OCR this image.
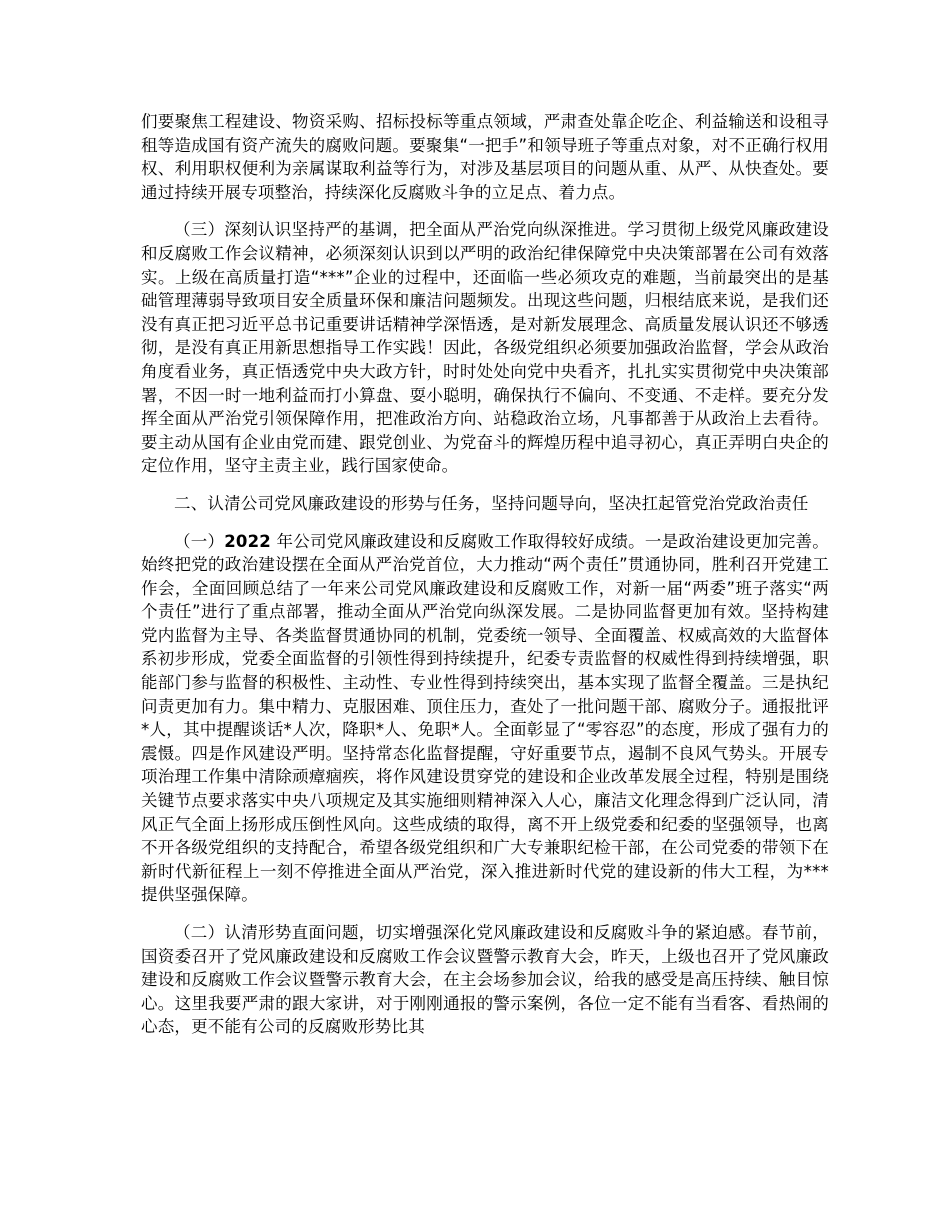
们要聚焦工程建设、物资采购、招标投标等重点领域，严肃查处靠企吃企、利益输送和设租寻租等造成国有资产流失的腐败问题。要聚集“一把手”和领导班子等重点对象，对不正确行权用权、利用职权便利为亲属谋取利益等行为，对涉及基层项目的问题从重、从严、从快查处。要通过持续开展专项整治，持续深化反腐败斗争的立足点、着力点。

（三）深刻认识坚持严的基调，把全面从严治党向纵深推进。学习贯彻上级党风廉政建设和反腐败工作会议精神，必须深刻认识到以严明的政治纪律保障党中央决策部署在公司有效落实。上级在高质量打造“***”企业的过程中，还面临一些必须攻克的难题，当前最突出的是基础管理薄弱导致项目安全质量环保和廉洁问题频发。出现这些问题，归根结底来说，是我们还没有真正把习近平总书记重要讲话精神学深悟透，是对新发展理念、高质量发展认识还不够透彻，是没有真正用新思想指导工作实践！因此，各级党组织必须要加强政治监督，学会从政治角度看业务，真正悟透党中央大政方针，时时处处向党中央看齐，扎扎实实贯彻党中央决策部署，不因一时一地利益而打小算盘、耍小聪明，确保执行不偏向、不变通、不走样。要充分发挥全面从严治党引领保障作用，把准政治方向、站稳政治立场，凡事都善于从政治上去看待。要主动从国有企业由党而建、跟党创业、为党奋斗的辉煌历程中追寻初心，真正弄明白央企的定位作用，坚守主责主业，践行国家使命。

二、认清公司党风廉政建设的形势与任务，坚持问题导向，坚决扛起管党治党政治责任

（一）2022 年公司党风廉政建设和反腐败工作取得较好成绩。一是政治建设更加完善。始终把党的政治建设摆在全面从严治党首位，大力推动“两个责任”贯通协同，胜利召开党建工作会，全面回顾总结了一年来公司党风廉政建设和反腐败工作，对新一届“两委”班子落实“两个责任”进行了重点部署，推动全面从严治党向纵深发展。二是协同监督更加有效。坚持构建党内监督为主导、各类监督贯通协同的机制，党委统一领导、全面覆盖、权威高效的大监督体系初步形成，党委全面监督的引领性得到持续提升，纪委专责监督的权威性得到持续增强，职能部门参与监督的积极性、主动性、专业性得到持续突出，基本实现了监督全覆盖。三是执纪问责更加有力。集中精力、克服困难、顶住压力，查处了一批问题干部、腐败分子。通报批评*人，其中提醒谈话*人次，降职*人、免职*人。全面彰显了“零容忍”的态度，形成了强有力的震慑。四是作风建设严明。坚持常态化监督提醒，守好重要节点，遏制不良风气势头。开展专项治理工作集中清除顽瘴痼疾，将作风建设贯穿党的建设和企业改革发展全过程，特别是围绕关键节点要求落实中央八项规定及其实施细则精神深入人心，廉洁文化理念得到广泛认同，清风正气全面上扬形成压倒性风向。这些成绩的取得，离不开上级党委和纪委的坚强领导，也离不开各级党组织的支持配合，希望各级党组织和广大专兼职纪检干部，在公司党委的带领下在新时代新征程上一刻不停推进全面从严治党，深入推进新时代党的建设新的伟大工程，为***提供坚强保障。

（二）认清形势直面问题，切实增强深化党风廉政建设和反腐败斗争的紧迫感。春节前，国资委召开了党风廉政建设和反腐败工作会议暨警示教育大会，昨天，上级也召开了党风廉政建设和反腐败工作会议暨警示教育大会，在主会场参加会议，给我的感受是高压持续、触目惊心。这里我要严肃的跟大家讲，对于刚刚通报的警示案例，各位一定不能有当看客、看热闹的心态，更不能有公司的反腐败形势比其
